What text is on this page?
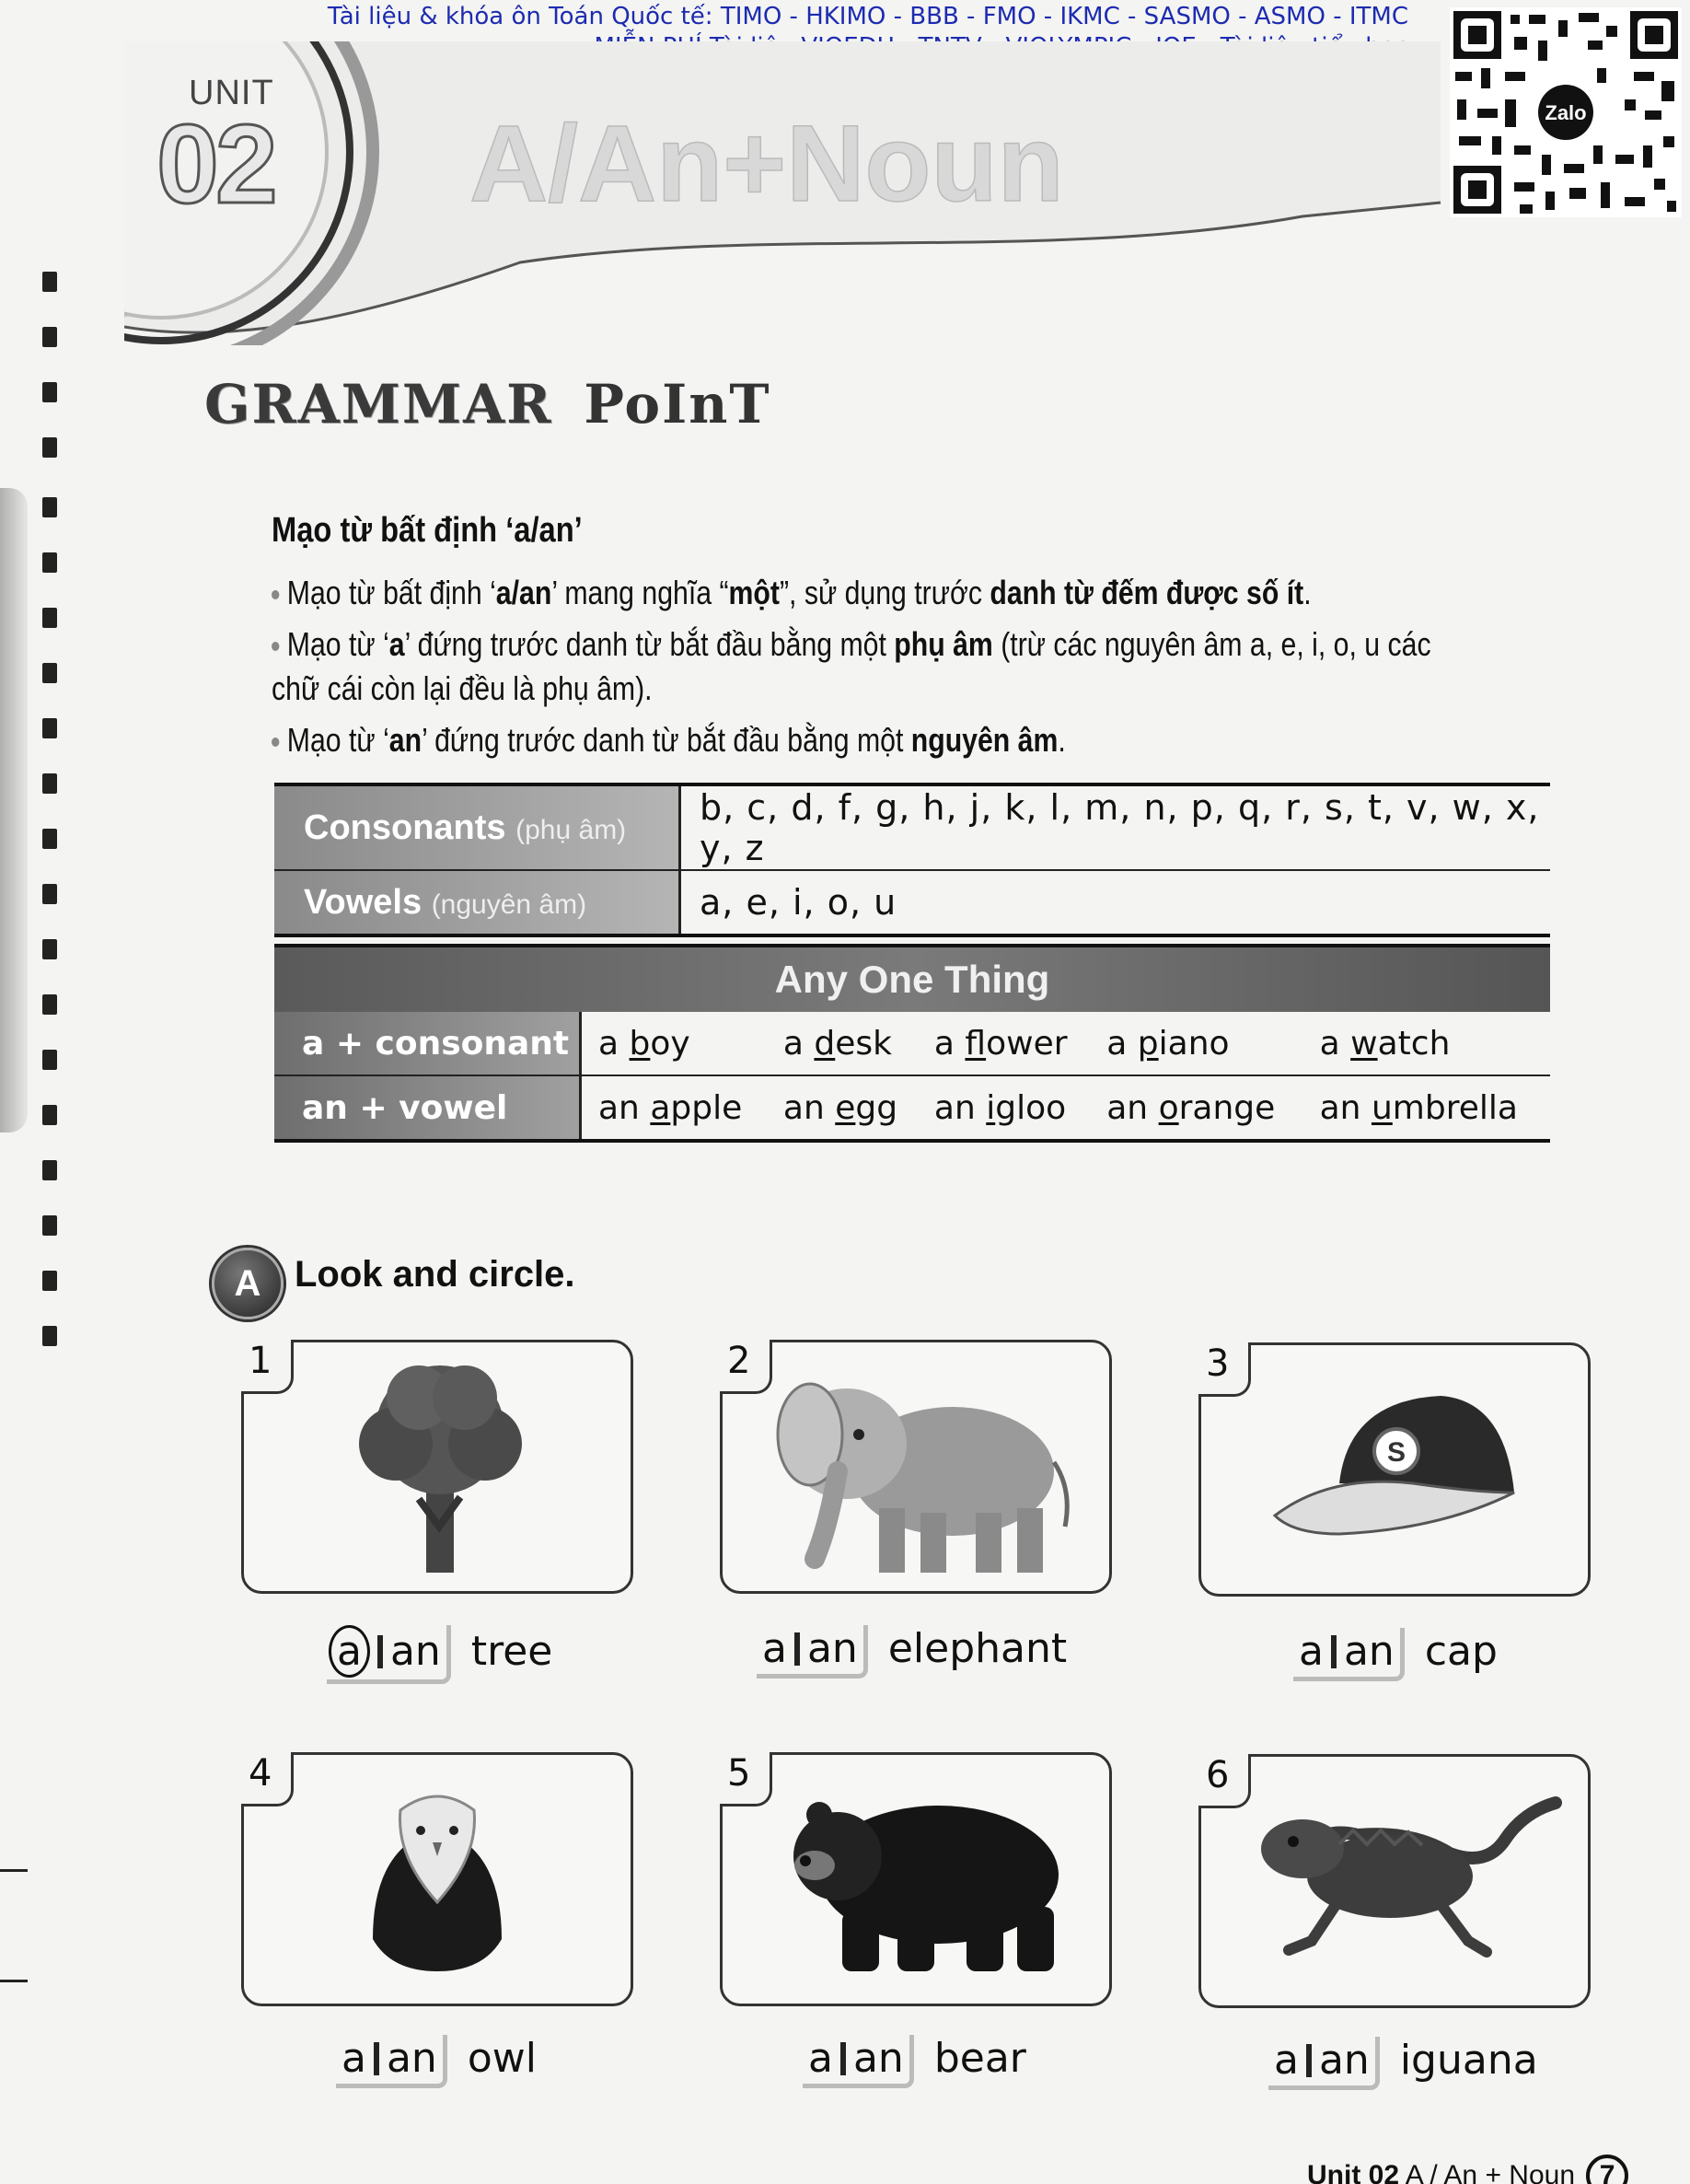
Tài liệu & khóa ôn Toán Quốc tế: TIMO - HKIMO - BBB - FMO - IKMC - SASMO - ASMO - ITMC
Zalo
UNIT
02 A/An+Noun
GRAMMAR PoInT
Mạo từ bất định ‘a/an’

Mạo từ bất định ‘a/an’ mang nghĩa “một”, sử dụng trước danh từ đếm được số ít.

Mạo từ ‘a’ đứng trước danh từ bắt đầu bằng một phụ âm (trừ các nguyên âm a, e, i, o, u các chữ cái còn lại đều là phụ âm).

Mạo từ ‘an’ đứng trước danh từ bắt đầu bằng một nguyên âm.

Consonants (phụ âm)	b, c, d, f, g, h, j, k, l, m, n, p, q, r, s, t, v, w, x, y, z
Vowels (nguyên âm)	a, e, i, o, u
Any One Thing					
a + consonant	a boy	a desk	a flower	a piano	a watch
an + vowel	an apple	an egg	an igloo	an orange	an umbrella
A Look and circle.
1
a an tree
2
a an elephant
S
3
a an cap
4
a an owl
5
a an bear
6
a an iguana
Unit 02 A / An + Noun 7
